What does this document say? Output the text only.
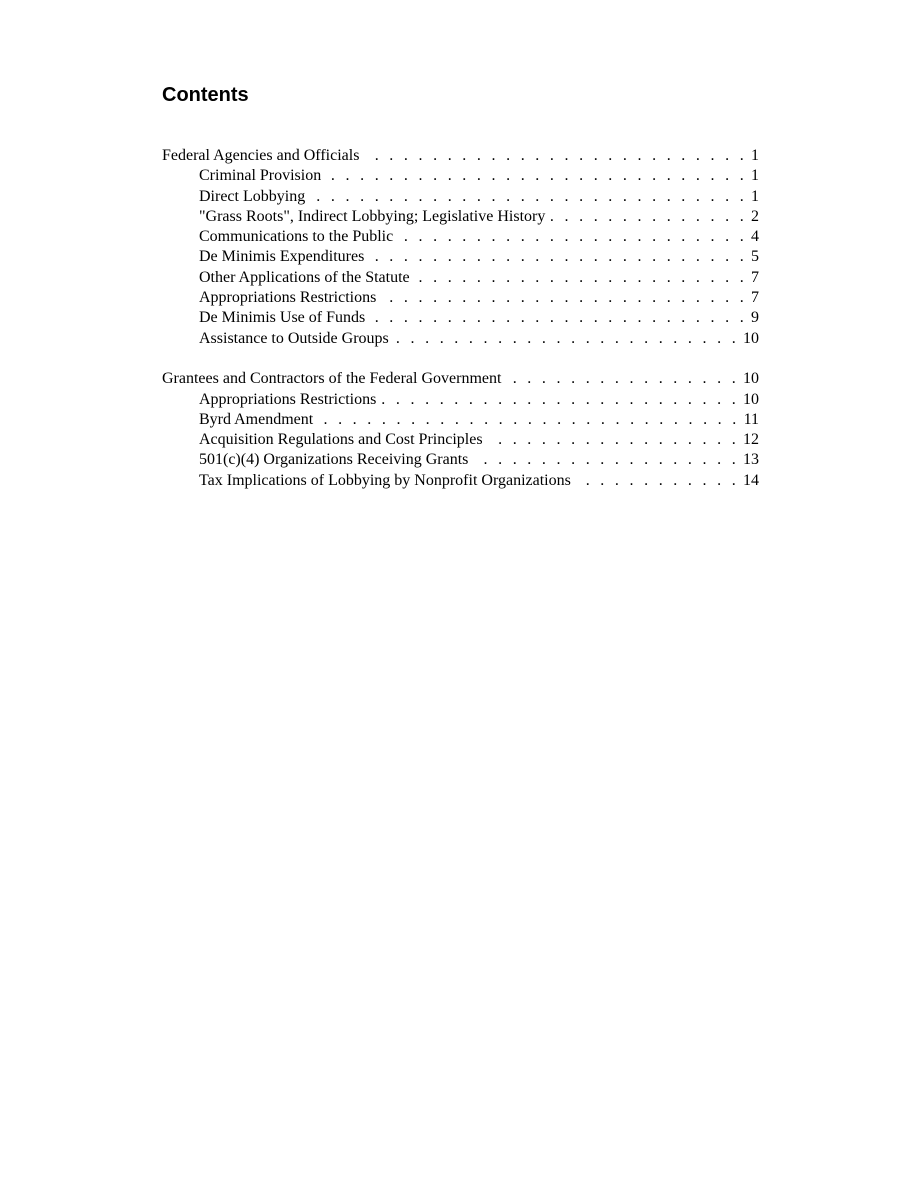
Contents
Federal Agencies and Officials . . .	1
Criminal Provision . . .	1
Direct Lobbying . . .	1
"Grass Roots", Indirect Lobbying; Legislative History . . .	2
Communications to the Public . . .	4
De Minimis Expenditures . . .	5
Other Applications of the Statute . . .	7
Appropriations Restrictions . . .	7
De Minimis Use of Funds . . .	9
Assistance to Outside Groups . . .	10
Grantees and Contractors of the Federal Government . . .	10
Appropriations Restrictions . . .	10
Byrd Amendment . . .	11
Acquisition Regulations and Cost Principles . . .	12
501(c)(4) Organizations Receiving Grants . . .	13
Tax Implications of Lobbying by Nonprofit Organizations . . .	14
